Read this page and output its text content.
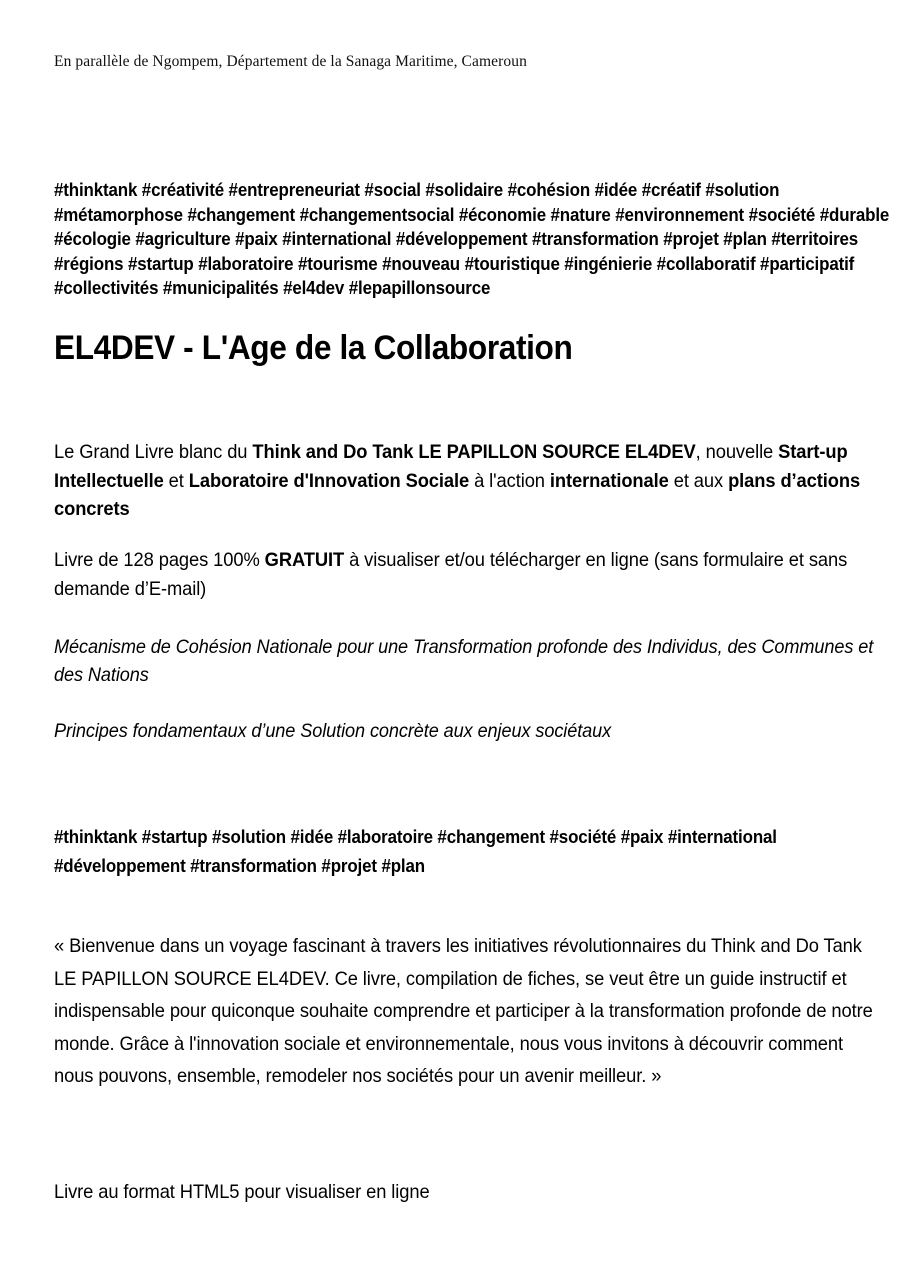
En parallèle de Ngompem, Département de la Sanaga Maritime, Cameroun

#thinktank #créativité #entrepreneuriat #social #solidaire #cohésion #idée #créatif #solution #métamorphose #changement #changementsocial #économie #nature #environnement #société #durable #écologie #agriculture #paix #international #développement #transformation #projet #plan #territoires #régions #startup #laboratoire #tourisme #nouveau #touristique #ingénierie #collaboratif #participatif #collectivités #municipalités #el4dev #lepapillonsource

EL4DEV - L'Age de la Collaboration

Le Grand Livre blanc du Think and Do Tank LE PAPILLON SOURCE EL4DEV, nouvelle Start-up Intellectuelle et Laboratoire d'Innovation Sociale à l'action internationale et aux plans d’actions concrets

Livre de 128 pages 100% GRATUIT à visualiser et/ou télécharger en ligne (sans formulaire et sans demande d’E-mail)

Mécanisme de Cohésion Nationale pour une Transformation profonde des Individus, des Communes et des Nations

Principes fondamentaux d’une Solution concrète aux enjeux sociétaux

#thinktank #startup #solution #idée #laboratoire #changement #société #paix #international #développement #transformation #projet #plan

« Bienvenue dans un voyage fascinant à travers les initiatives révolutionnaires du Think and Do Tank LE PAPILLON SOURCE EL4DEV. Ce livre, compilation de fiches, se veut être un guide instructif et indispensable pour quiconque souhaite comprendre et participer à la transformation profonde de notre monde. Grâce à l'innovation sociale et environnementale, nous vous invitons à découvrir comment nous pouvons, ensemble, remodeler nos sociétés pour un avenir meilleur. »

Livre au format HTML5 pour visualiser en ligne
